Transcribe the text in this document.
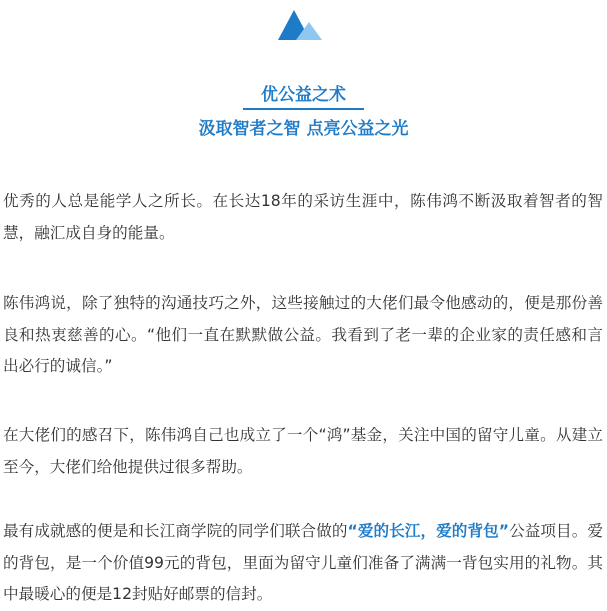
优公益之术
汲取智者之智 点亮公益之光

优秀的人总是能学人之所长。在长达18年的采访生涯中，陈伟鸿不断汲取着智者的智慧，融汇成自身的能量。

陈伟鸿说，除了独特的沟通技巧之外，这些接触过的大佬们最令他感动的，便是那份善良和热衷慈善的心。“他们一直在默默做公益。我看到了老一辈的企业家的责任感和言出必行的诚信。”

在大佬们的感召下，陈伟鸿自己也成立了一个“鸿”基金，关注中国的留守儿童。从建立至今，大佬们给他提供过很多帮助。

最有成就感的便是和长江商学院的同学们联合做的“爱的长江，爱的背包”公益项目。爱的背包，是一个价值99元的背包，里面为留守儿童们准备了满满一背包实用的礼物。其中最暖心的便是12封贴好邮票的信封。
